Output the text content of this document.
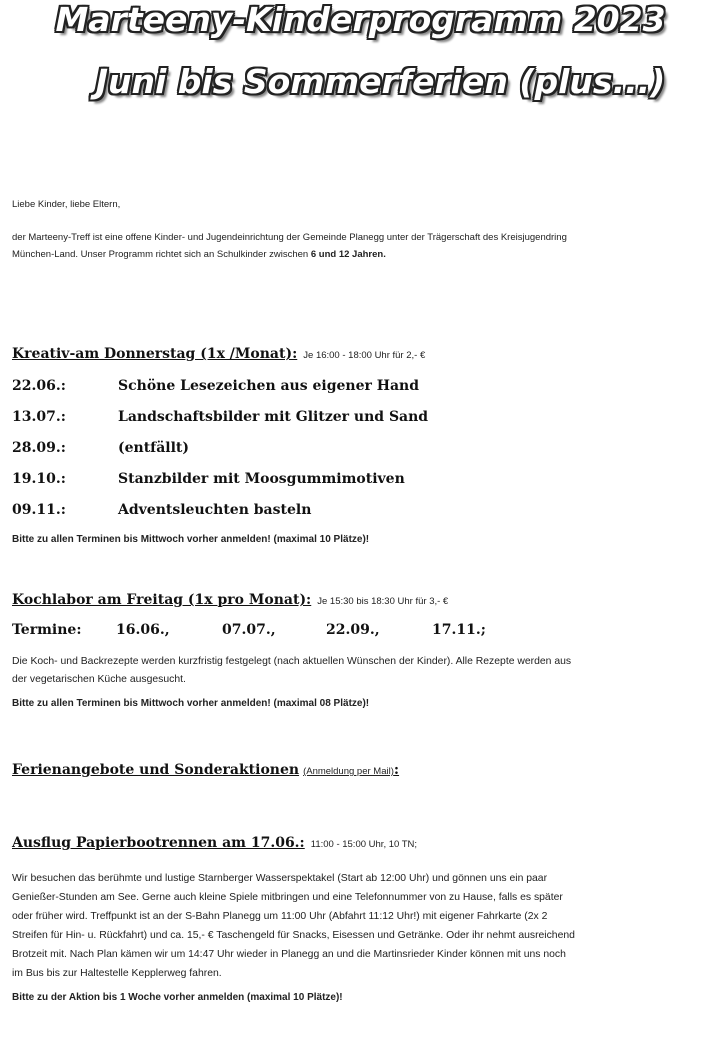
Marteeny-Kinderprogramm 2023
Juni bis Sommerferien (plus...)
Liebe Kinder, liebe Eltern,
der Marteeny-Treff ist eine offene Kinder- und Jugendeinrichtung der Gemeinde Planegg unter der Trägerschaft des Kreisjugendring
München-Land. Unser Programm richtet sich an Schulkinder zwischen 6 und 12 Jahren.
Kreativ-am Donnerstag (1x /Monat): Je 16:00 - 18:00 Uhr für 2,- €
22.06.:	Schöne Lesezeichen aus eigener Hand
13.07.:	Landschaftsbilder mit Glitzer und Sand
28.09.:	(entfällt)
19.10.:	Stanzbilder mit Moosgummimotiven
09.11.:	Adventsleuchten basteln
Bitte zu allen Terminen bis Mittwoch vorher anmelden! (maximal 10 Plätze)!
Kochlabor am Freitag (1x pro Monat): Je 15:30 bis 18:30 Uhr für 3,- €
Termine: 16.06.,	07.07.,	22.09.,	17.11.;
Die Koch- und Backrezepte werden kurzfristig festgelegt (nach aktuellen Wünschen der Kinder). Alle Rezepte werden aus
der vegetarischen Küche ausgesucht.
Bitte zu allen Terminen bis Mittwoch vorher anmelden! (maximal 08 Plätze)!
Ferienangebote und Sonderaktionen (Anmeldung per Mail):
Ausflug Papierbootrennen am 17.06.: 11:00 - 15:00 Uhr, 10 TN;
Wir besuchen das berühmte und lustige Starnberger Wasserspektakel (Start ab 12:00 Uhr) und gönnen uns ein paar
Genießer-Stunden am See. Gerne auch kleine Spiele mitbringen und eine Telefonnummer von zu Hause, falls es später
oder früher wird. Treffpunkt ist an der S-Bahn Planegg um 11:00 Uhr (Abfahrt 11:12 Uhr!) mit eigener Fahrkarte (2x 2
Streifen für Hin- u. Rückfahrt) und ca. 15,- € Taschengeld für Snacks, Eisessen und Getränke. Oder ihr nehmt ausreichend
Brotzeit mit. Nach Plan kämen wir um 14:47 Uhr wieder in Planegg an und die Martinsrieder Kinder können mit uns noch
im Bus bis zur Haltestelle Kepplerweg fahren.
Bitte zu der Aktion bis 1 Woche vorher anmelden (maximal 10 Plätze)!
